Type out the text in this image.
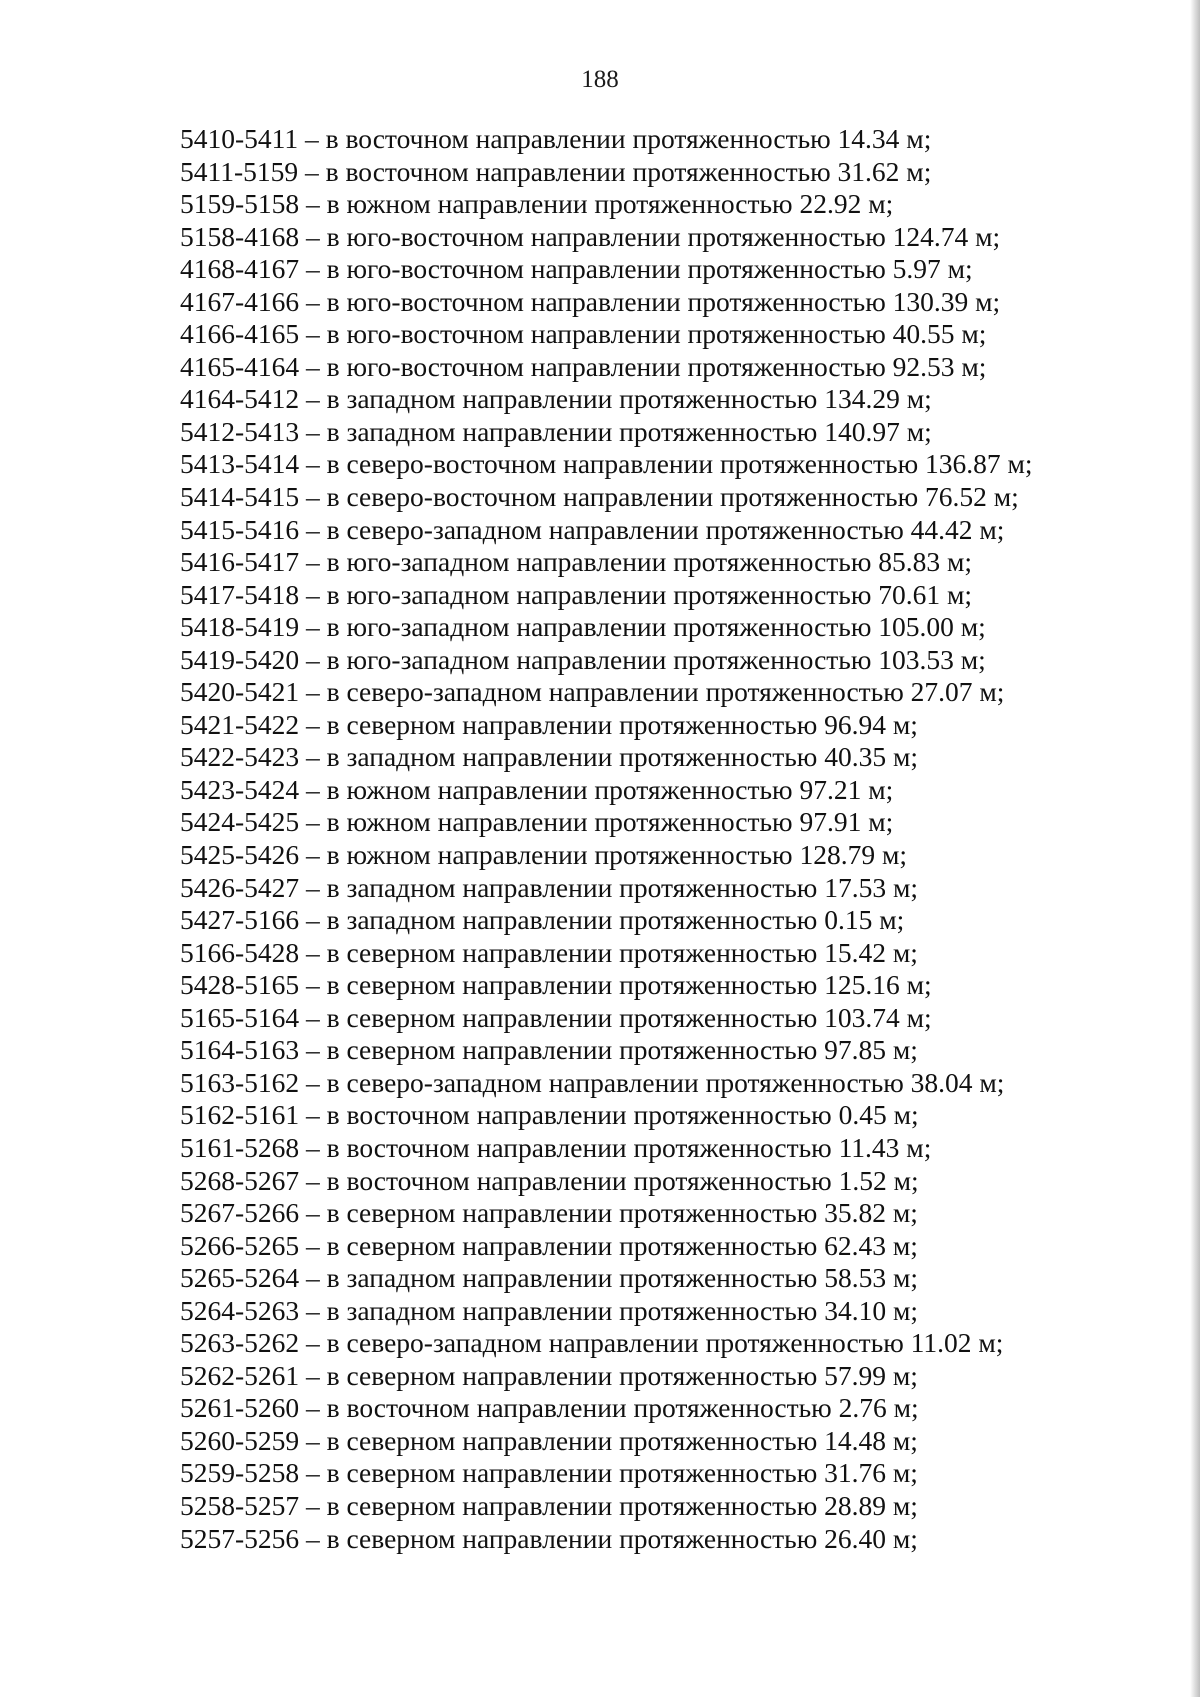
188
5410-5411 – в восточном направлении протяженностью 14.34 м;
5411-5159 – в восточном направлении протяженностью 31.62 м;
5159-5158 – в южном направлении протяженностью 22.92 м;
5158-4168 – в юго-восточном направлении протяженностью 124.74 м;
4168-4167 – в юго-восточном направлении протяженностью 5.97 м;
4167-4166 – в юго-восточном направлении протяженностью 130.39 м;
4166-4165 – в юго-восточном направлении протяженностью 40.55 м;
4165-4164 – в юго-восточном направлении протяженностью 92.53 м;
4164-5412 – в западном направлении протяженностью 134.29 м;
5412-5413 – в западном направлении протяженностью 140.97 м;
5413-5414 – в северо-восточном направлении протяженностью 136.87 м;
5414-5415 – в северо-восточном направлении протяженностью 76.52 м;
5415-5416 – в северо-западном направлении протяженностью 44.42 м;
5416-5417 – в юго-западном направлении протяженностью 85.83 м;
5417-5418 – в юго-западном направлении протяженностью 70.61 м;
5418-5419 – в юго-западном направлении протяженностью 105.00 м;
5419-5420 – в юго-западном направлении протяженностью 103.53 м;
5420-5421 – в северо-западном направлении протяженностью 27.07 м;
5421-5422 – в северном направлении протяженностью 96.94 м;
5422-5423 – в западном направлении протяженностью 40.35 м;
5423-5424 – в южном направлении протяженностью 97.21 м;
5424-5425 – в южном направлении протяженностью 97.91 м;
5425-5426 – в южном направлении протяженностью 128.79 м;
5426-5427 – в западном направлении протяженностью 17.53 м;
5427-5166 – в западном направлении протяженностью 0.15 м;
5166-5428 – в северном направлении протяженностью 15.42 м;
5428-5165 – в северном направлении протяженностью 125.16 м;
5165-5164 – в северном направлении протяженностью 103.74 м;
5164-5163 – в северном направлении протяженностью 97.85 м;
5163-5162 – в северо-западном направлении протяженностью 38.04 м;
5162-5161 – в восточном направлении протяженностью 0.45 м;
5161-5268 – в восточном направлении протяженностью 11.43 м;
5268-5267 – в восточном направлении протяженностью 1.52 м;
5267-5266 – в северном направлении протяженностью 35.82 м;
5266-5265 – в северном направлении протяженностью 62.43 м;
5265-5264 – в западном направлении протяженностью 58.53 м;
5264-5263 – в западном направлении протяженностью 34.10 м;
5263-5262 – в северо-западном направлении протяженностью 11.02 м;
5262-5261 – в северном направлении протяженностью 57.99 м;
5261-5260 – в восточном направлении протяженностью 2.76 м;
5260-5259 – в северном направлении протяженностью 14.48 м;
5259-5258 – в северном направлении протяженностью 31.76 м;
5258-5257 – в северном направлении протяженностью 28.89 м;
5257-5256 – в северном направлении протяженностью 26.40 м;
